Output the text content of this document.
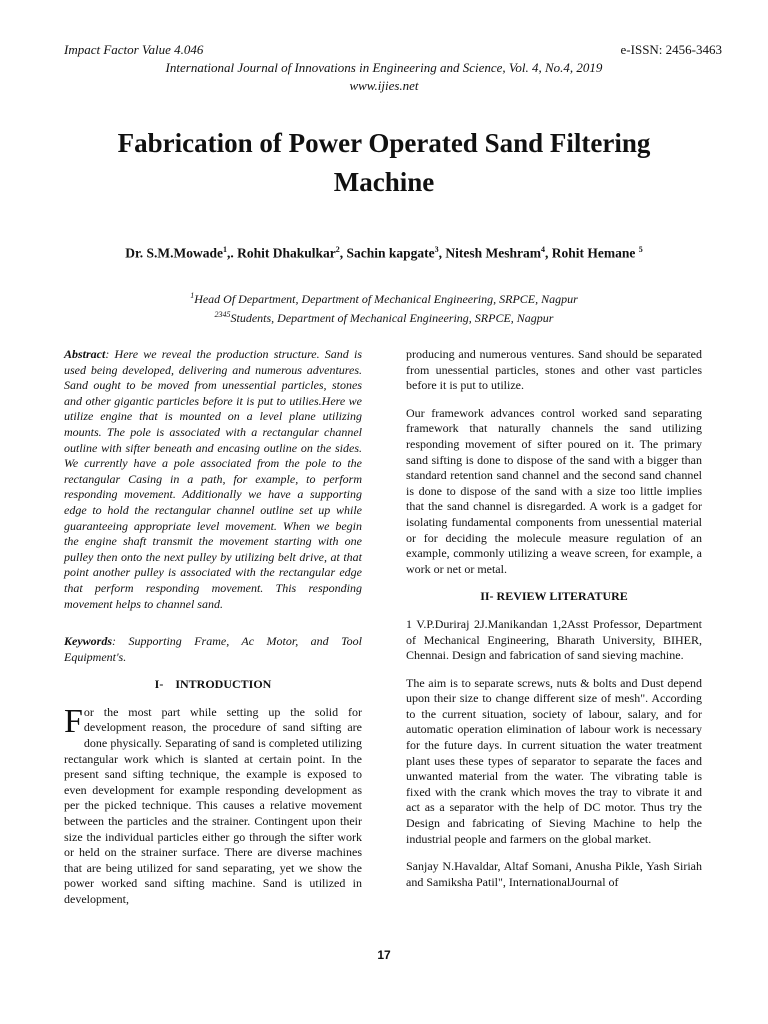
Impact Factor Value 4.046	e-ISSN: 2456-3463
International Journal of Innovations in Engineering and Science, Vol. 4, No.4, 2019
www.ijies.net
Fabrication of Power Operated Sand Filtering
Machine
Dr. S.M.Mowade$^1$,. Rohit Dhakulkar$^2$, Sachin kapgate$^3$, Nitesh Meshram$^4$, Rohit Hemane $^5$
$^1$Head Of Department, Department of Mechanical Engineering, SRPCE, Nagpur
$^{2345}$Students, Department of Mechanical Engineering, SRPCE, Nagpur

Abstract: Here we reveal the production structure. Sand is used being developed, delivering and numerous adventures. Sand ought to be moved from unessential particles, stones and other gigantic particles before it is put to utilies.Here we utilize engine that is mounted on a level plane utilizing mounts. The pole is associated with a rectangular channel outline with sifter beneath and encasing outline on the sides. We currently have a pole associated from the pole to the rectangular Casing in a path, for example, to perform responding movement. Additionally we have a supporting edge to hold the rectangular channel outline set up while guaranteeing appropriate level movement. When we begin the engine shaft transmit the movement starting with one pulley then onto the next pulley by utilizing belt drive, at that point another pulley is associated with the rectangular edge that perform responding movement. This responding movement helps to channel sand.

Keywords: Supporting Frame, Ac Motor, and Tool Equipment's.

I-    INTRODUCTION

For the most part while setting up the solid for development reason, the procedure of sand sifting are done physically. Separating of sand is completed utilizing rectangular work which is slanted at certain point. In the present sand sifting technique, the example is exposed to even development for example responding development as per the picked technique. This causes a relative movement between the particles and the strainer. Contingent upon their size the individual particles either go through the sifter work or held on the strainer surface. There are diverse machines that are being utilized for sand separating, yet we show the power worked sand sifting machine. Sand is utilized in development,

producing and numerous ventures. Sand should be separated from unessential particles, stones and other vast particles before it is put to utilize.

Our framework advances control worked sand separating framework that naturally channels the sand utilizing responding movement of sifter poured on it. The primary sand sifting is done to dispose of the sand with a bigger than standard retention sand channel and the second sand channel is done to dispose of the sand with a size too little implies that the sand channel is disregarded. A work is a gadget for isolating fundamental components from unessential material or for deciding the molecule measure regulation of an example, commonly utilizing a weave screen, for example, a work or net or metal.

II- REVIEW LITERATURE

1 V.P.Duriraj 2J.Manikandan 1,2Asst Professor, Department of Mechanical Engineering, Bharath University, BIHER, Chennai. Design and fabrication of sand sieving machine.

The aim is to separate screws, nuts & bolts and Dust depend upon their size to change different size of mesh". According to the current situation, society of labour, salary, and for automatic operation elimination of labour work is necessary for the future days. In current situation the water treatment plant uses these types of separator to separate the faces and unwanted material from the water. The vibrating table is fixed with the crank which moves the tray to vibrate it and act as a separator with the help of DC motor. Thus try the Design and fabricating of Sieving Machine to help the industrial people and farmers on the global market.

Sanjay N.Havaldar, Altaf Somani, Anusha Pikle, Yash Siriah and Samiksha Patil", InternationalJournal of

17
